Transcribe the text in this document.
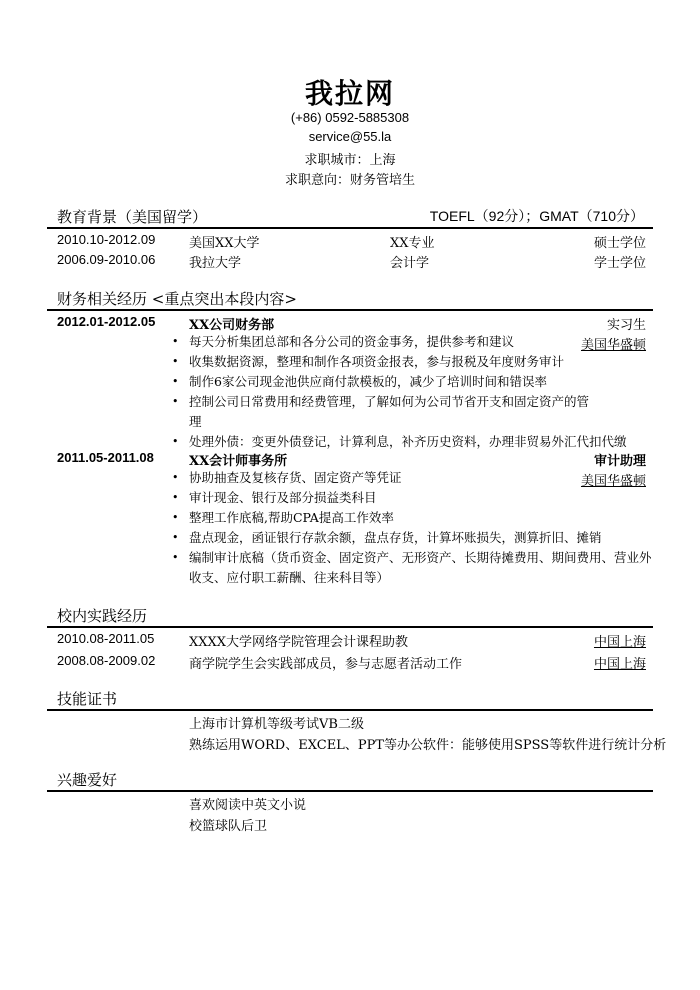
我拉网
(+86) 0592-5885308
service@55.la
求职城市：上海
求职意向：财务管培生
教育背景（美国留学）	TOEFL（92分）；GMAT（710分）
2010.10-2012.09	美国XX大学	XX专业	硕士学位
2006.09-2010.06	我拉大学	会计学	学士学位
财务相关经历 <重点突出本段内容>
2012.01-2012.05	XX公司财务部	实习生
美国华盛顿
• 每天分析集团总部和各分公司的资金事务，提供参考和建议
• 收集数据资源，整理和制作各项资金报表，参与报税及年度财务审计
• 制作6家公司现金池供应商付款模板的，减少了培训时间和错误率
• 控制公司日常费用和经费管理，了解如何为公司节省开支和固定资产的管理
• 处理外债：变更外债登记，计算利息，补齐历史资料，办理非贸易外汇代扣代缴
2011.05-2011.08	XX会计师事务所	审计助理
美国华盛顿
• 协助抽查及复核存货、固定资产等凭证
• 审计现金、银行及部分损益类科目
• 整理工作底稿,帮助CPA提高工作效率
• 盘点现金，函证银行存款余额，盘点存货，计算坏账损失，测算折旧、摊销
• 编制审计底稿（货币资金、固定资产、无形资产、长期待摊费用、期间费用、营业外收支、应付职工薪酬、往来科目等）
校内实践经历
2010.08-2011.05	XXXX大学网络学院管理会计课程助教	中国上海
2008.08-2009.02	商学院学生会实践部成员，参与志愿者活动工作	中国上海
技能证书
上海市计算机等级考试VB二级
熟练运用WORD、EXCEL、PPT等办公软件：能够使用SPSS等软件进行统计分析
兴趣爱好
喜欢阅读中英文小说
校篮球队后卫
